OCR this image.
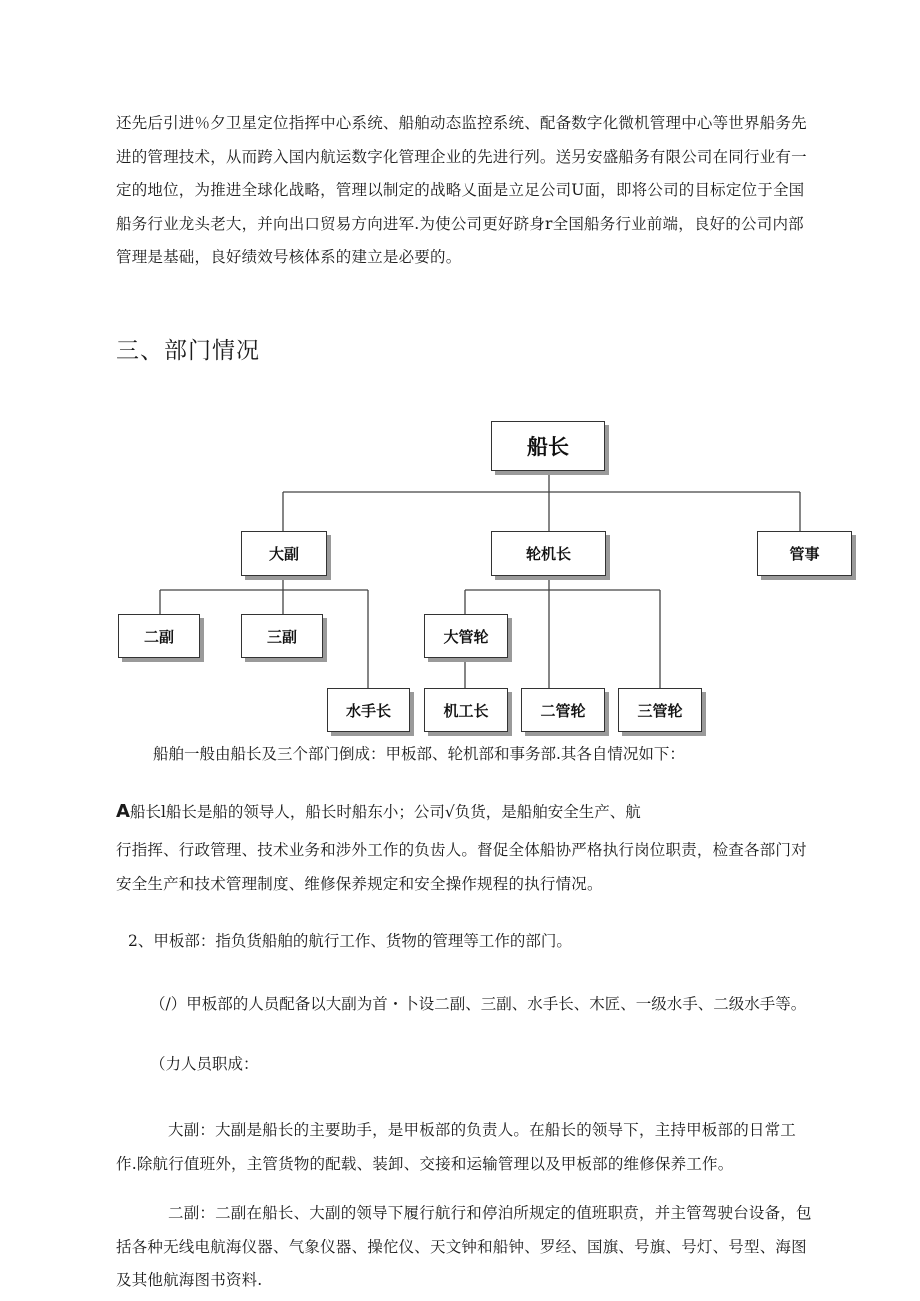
还先后引进％夕卫星定位指挥中心系统、船舶动态监控系统、配备数字化微机管理中心等世界船务先进的管理技术，从而跨入国内航运数字化管理企业的先进行列。送另安盛船务有限公司在同行业有一定的地位，为推进全球化战略，管理以制定的战略乂面是立足公司U面，即将公司的目标定位于全国船务行业龙头老大，并向出口贸易方向进军.为使公司更好跻身r全国船务行业前端，良好的公司内部管理是基础，良好绩效号核体系的建立是必要的。

三、部门情况
船长
大副	轮机长	管事
二副	三副	大管轮
水手长	机工长	二管轮	三管轮

船舶一般由船长及三个部门倒成：甲板部、轮机部和事务部.其各自情况如下：

A船长l船长是船的领导人，船长时船东小；公司√负货，是船舶安全生产、航

行指挥、行政管理、技术业务和涉外工作的负齿人。督促全体船协严格执行岗位职责，检查各部门对安全生产和技术管理制度、维修保养规定和安全操作规程的执行情况。

2、甲板部：指负货船舶的航行工作、货物的管理等工作的部门。

（/）甲板部的人员配备以大副为首・卜设二副、三副、水手长、木匠、一级水手、二级水手等。

（力人员职成：

大副：大副是船长的主要助手，是甲板部的负责人。在船长的领导下，主持甲板部的日常工作.除航行值班外，主管货物的配载、装卸、交接和运输管理以及甲板部的维修保养工作。

二副：二副在船长、大副的领导下履行航行和停泊所规定的值班职贲，并主管驾驶台设备，包括各种无线电航海仪器、气象仪器、操佗仪、天文钟和船钟、罗经、国旗、号旗、号灯、号型、海图及其他航海图书资料.
